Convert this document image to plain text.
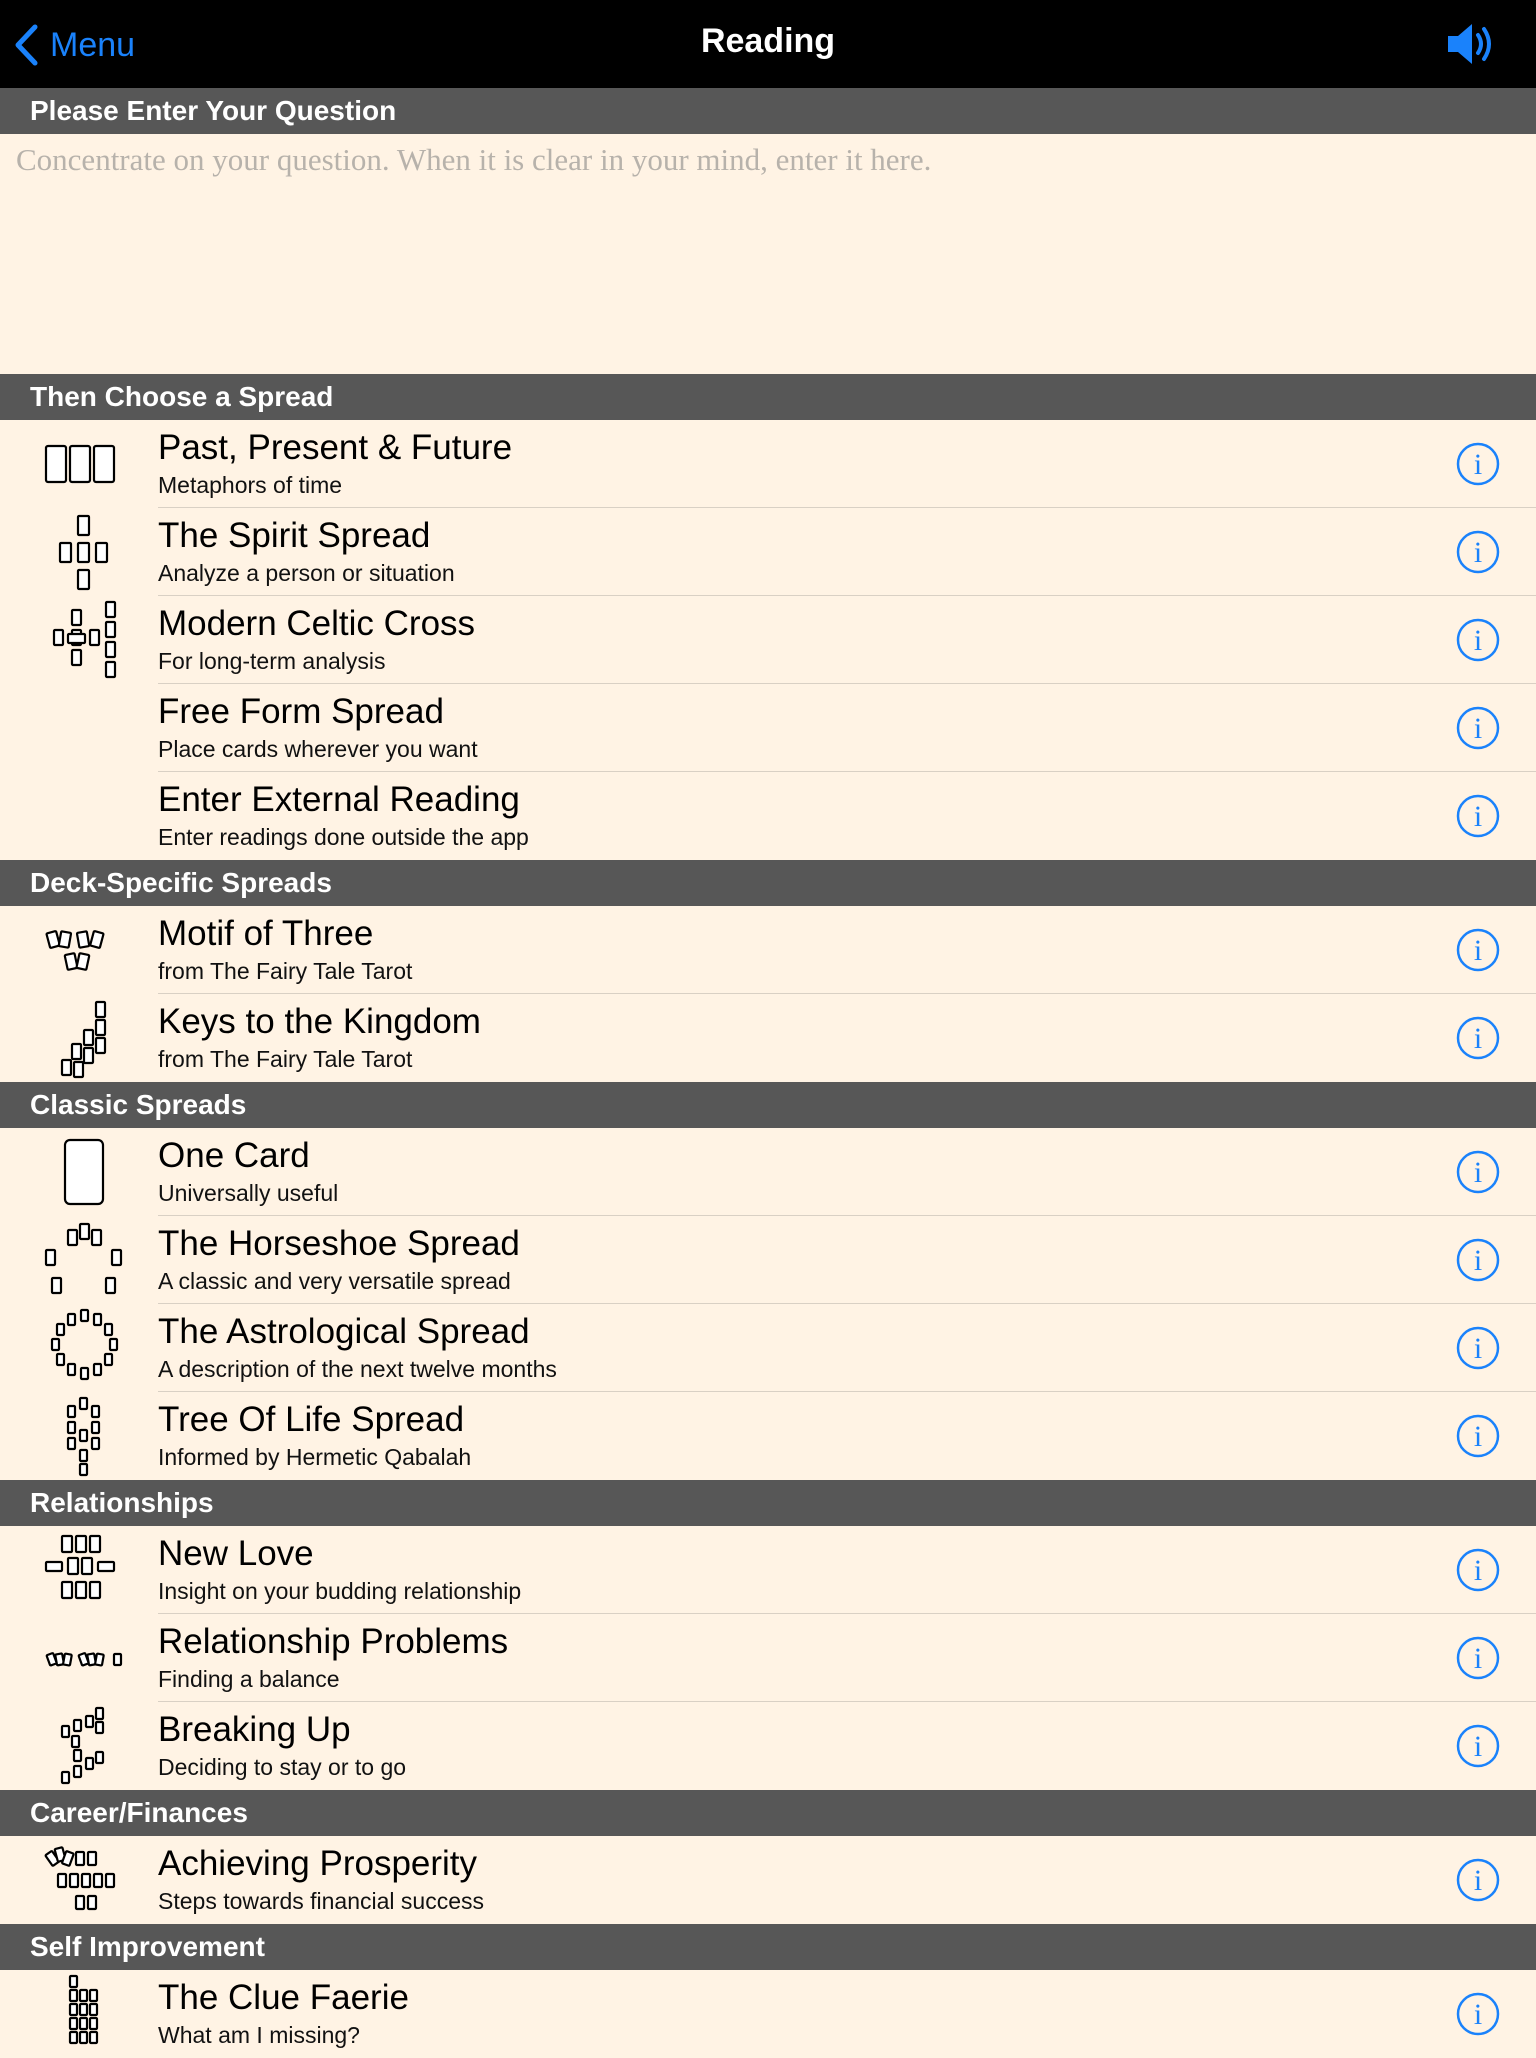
Menu	Reading
Please Enter Your Question
Concentrate on your question. When it is clear in your mind, enter it here.
Then Choose a Spread
Past, Present & Future
Metaphors of time
i
The Spirit Spread
Analyze a person or situation
i
Modern Celtic Cross
For long-term analysis
i
Free Form Spread
Place cards wherever you want
i
Enter External Reading
Enter readings done outside the app
i
Deck-Specific Spreads
Motif of Three
from The Fairy Tale Tarot
i
Keys to the Kingdom
from The Fairy Tale Tarot
i
Classic Spreads
One Card
Universally useful
i
The Horseshoe Spread
A classic and very versatile spread
i
The Astrological Spread
A description of the next twelve months
i
Tree Of Life Spread
Informed by Hermetic Qabalah
i
Relationships
New Love
Insight on your budding relationship
i
Relationship Problems
Finding a balance
i
Breaking Up
Deciding to stay or to go
i
Career/Finances
Achieving Prosperity
Steps towards financial success
i
Self Improvement
The Clue Faerie
What am I missing?
i
